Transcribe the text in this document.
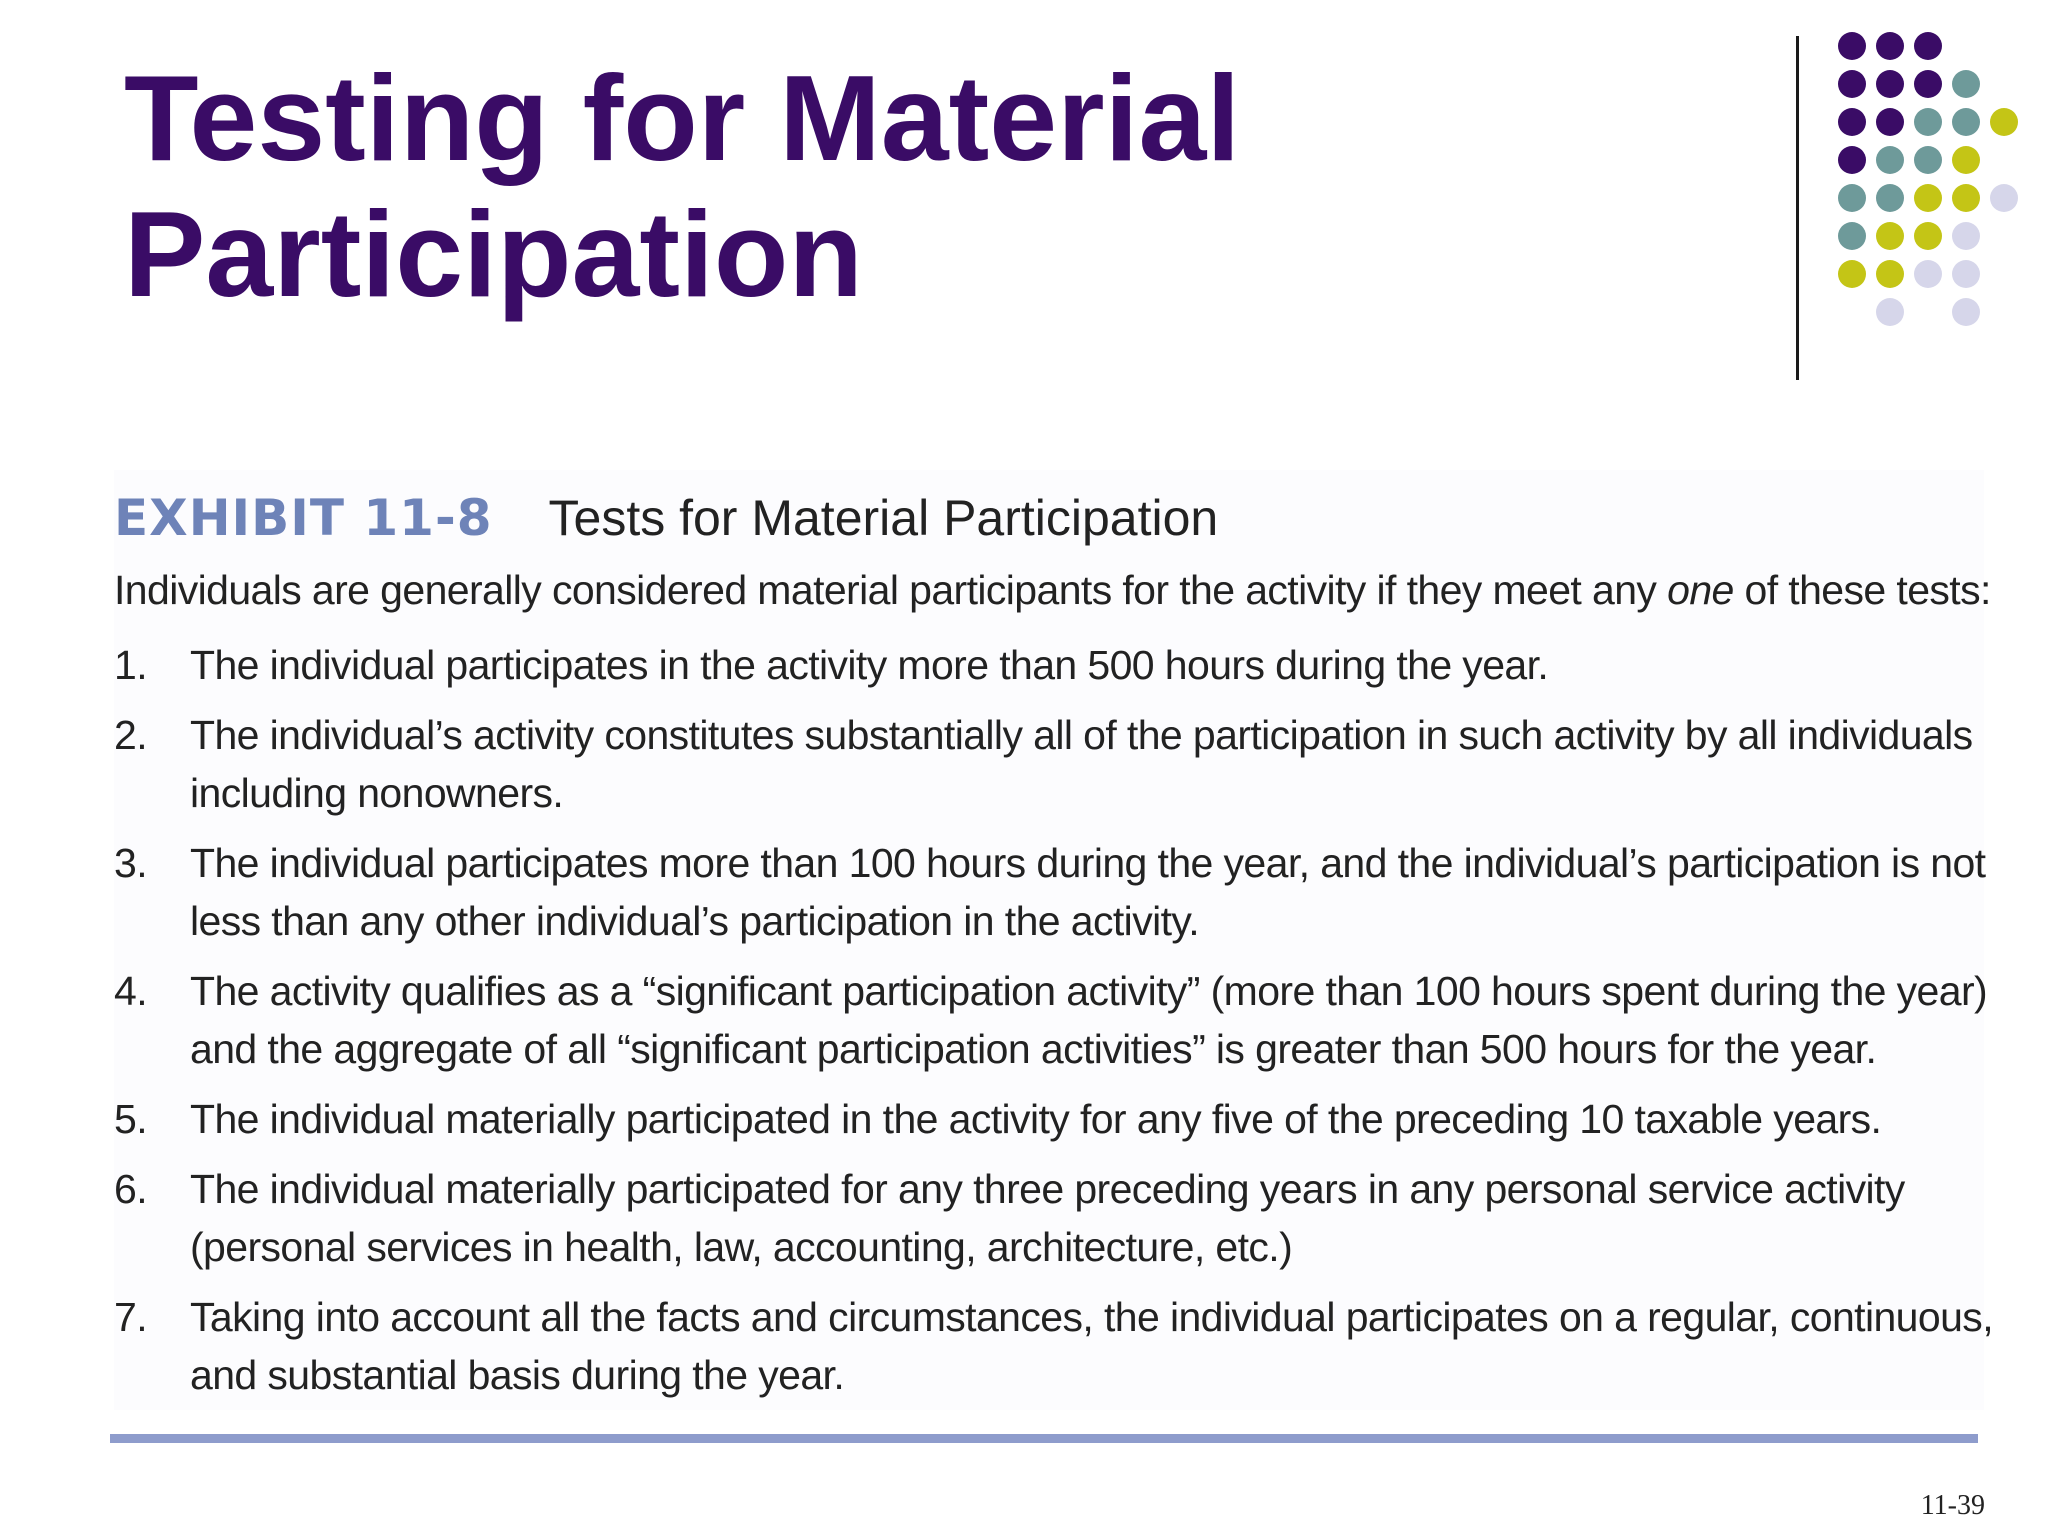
Testing for Material
Participation
EXHIBIT 11-8 Tests for Material Participation
Individuals are generally considered material participants for the activity if they meet any one of these tests:
1.	The individual participates in the activity more than 500 hours during the year.
2.	The individual’s activity constitutes substantially all of the participation in such activity by all individuals including nonowners.
3.	The individual participates more than 100 hours during the year, and the individual’s participation is not less than any other individual’s participation in the activity.
4.	The activity qualifies as a “significant participation activity” (more than 100 hours spent during the year) and the aggregate of all “significant participation activities” is greater than 500 hours for the year.
5.	The individual materially participated in the activity for any five of the preceding 10 taxable years.
6.	The individual materially participated for any three preceding years in any personal service activity (personal services in health, law, accounting, architecture, etc.)
7.	Taking into account all the facts and circumstances, the individual participates on a regular, continuous, and substantial basis during the year.
11-39
